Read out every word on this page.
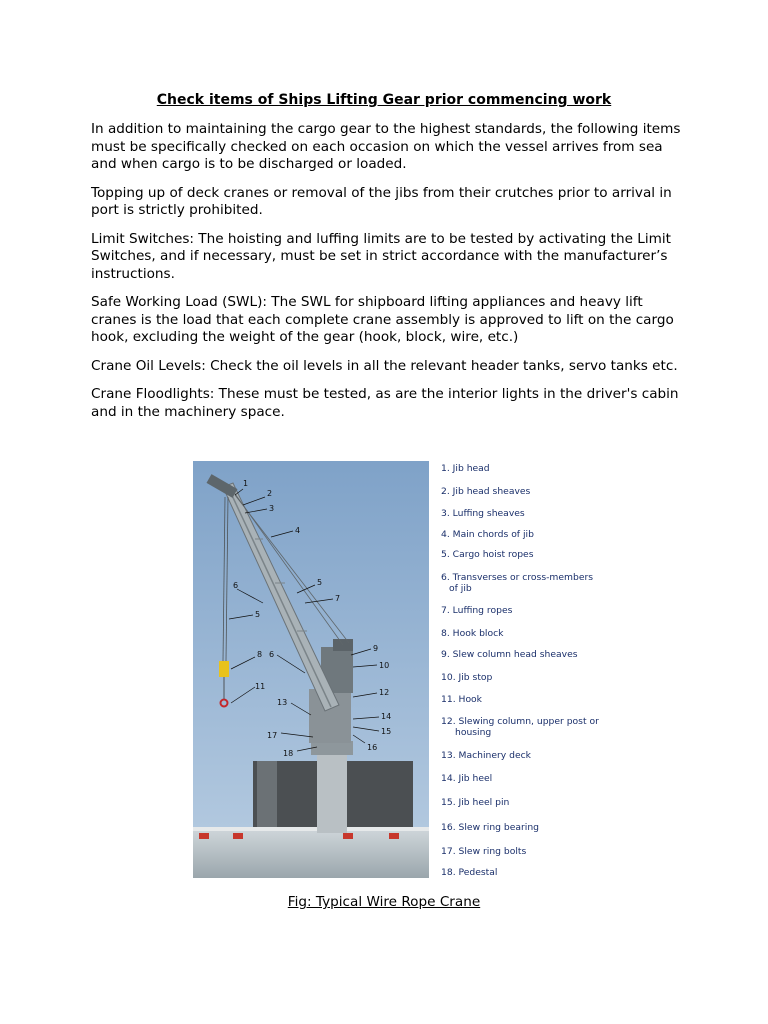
Check items of Ships Lifting Gear prior commencing work

In addition to maintaining the cargo gear to the highest standards, the following items must be specifically checked on each occasion on which the vessel arrives from sea and when cargo is to be discharged or loaded.

Topping up of deck cranes or removal of the jibs from their crutches prior to arrival in port is strictly prohibited.

Limit Switches: The hoisting and luffing limits are to be tested by activating the Limit Switches, and if necessary, must be set in strict accordance with the manufacturer’s instructions.

Safe Working Load (SWL): The SWL for shipboard lifting appliances and heavy lift cranes is the load that each complete crane assembly is approved to lift on the cargo hook, excluding the weight of the gear (hook, block, wire, etc.)

Crane Oil Levels: Check the oil levels in all the relevant header tanks, servo tanks etc.

Crane Floodlights: These must be tested, as are the interior lights in the driver's cabin and in the machinery space.

1
2
3
4
5
6
7
5
6
8
9
10
11
12
13
14
15
16
17
18
1. Jib head
2. Jib head sheaves
3. Luffing sheaves
4. Main chords of jib
5. Cargo hoist ropes
6. Transverses or cross-members
of jib
7. Luffing ropes
8. Hook block
9. Slew column head sheaves
10. Jib stop
11. Hook
12. Slewing column, upper post or
housing
13. Machinery deck
14. Jib heel
15. Jib heel pin
16. Slew ring bearing
17. Slew ring bolts
18. Pedestal
Fig: Typical Wire Rope Crane
